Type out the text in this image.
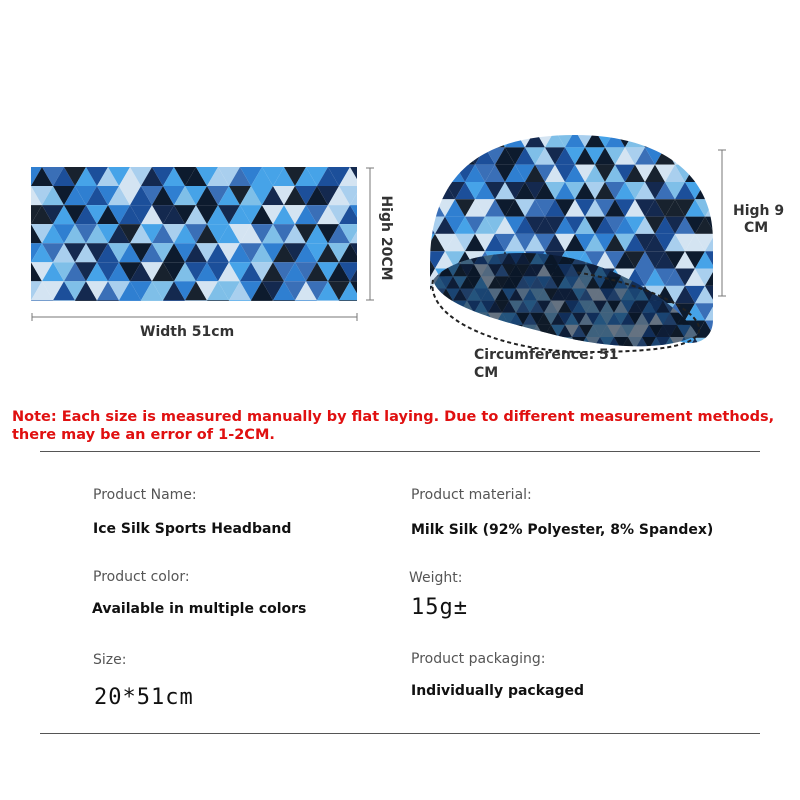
High 20CM
Width 51cm
High 9
CM
Circumference: 51
CM
Note: Each size is measured manually by flat laying. Due to different measurement methods, there may be an error of 1-2CM.
Product Name:
Ice Silk Sports Headband
Product material:
Milk Silk (92% Polyester, 8% Spandex)
Product color:
Available in multiple colors
Weight:
15g±
Size:
20*51cm
Product packaging:
Individually packaged
